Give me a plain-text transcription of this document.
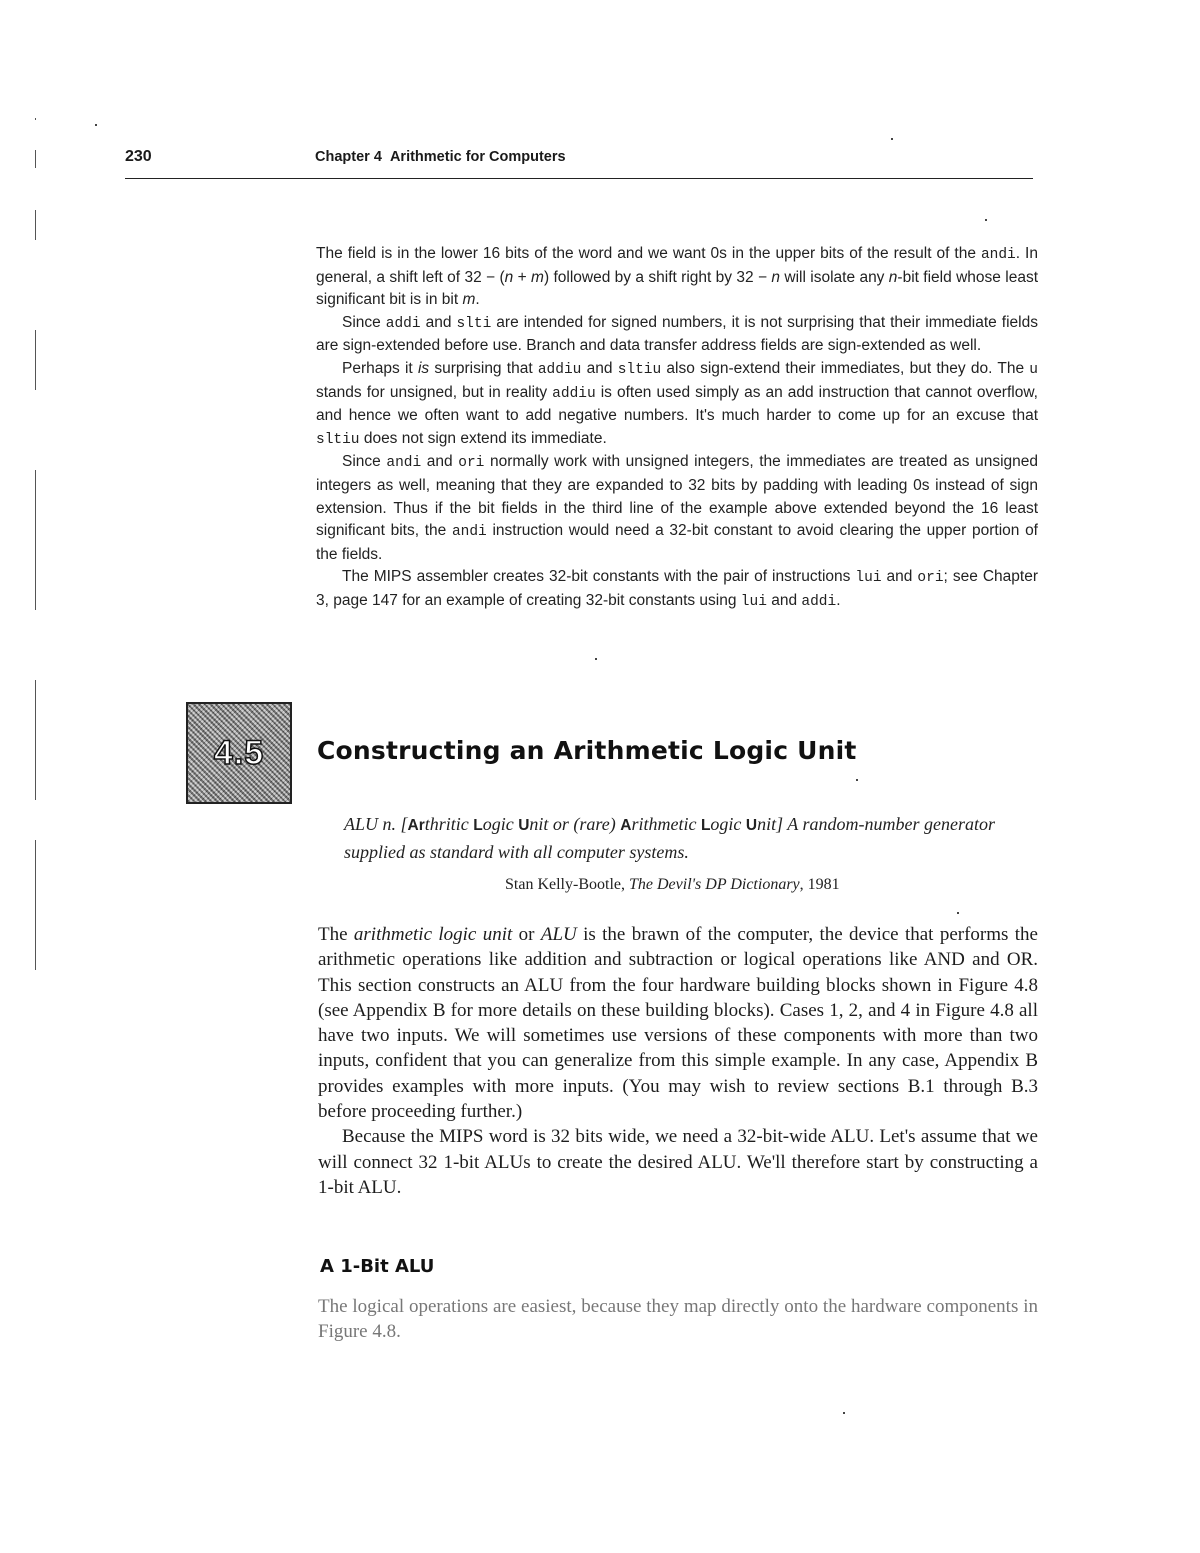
230	Chapter 4 Arithmetic for Computers

The field is in the lower 16 bits of the word and we want 0s in the upper bits of the result of the andi. In general, a shift left of 32 − (n + m) followed by a shift right by 32 − n will isolate any n-bit field whose least significant bit is in bit m.

Since addi and slti are intended for signed numbers, it is not surprising that their immediate fields are sign-extended before use. Branch and data transfer address fields are sign-extended as well.

Perhaps it is surprising that addiu and sltiu also sign-extend their immediates, but they do. The u stands for unsigned, but in reality addiu is often used simply as an add instruction that cannot overflow, and hence we often want to add negative numbers. It's much harder to come up for an excuse that sltiu does not sign extend its immediate.

Since andi and ori normally work with unsigned integers, the immediates are treated as unsigned integers as well, meaning that they are expanded to 32 bits by padding with leading 0s instead of sign extension. Thus if the bit fields in the third line of the example above extended beyond the 16 least significant bits, the andi instruction would need a 32-bit constant to avoid clearing the upper portion of the fields.

The MIPS assembler creates 32-bit constants with the pair of instructions lui and ori; see Chapter 3, page 147 for an example of creating 32-bit constants using lui and addi.

4.5 Constructing an Arithmetic Logic Unit

ALU n. [Arthritic Logic Unit or (rare) Arithmetic Logic Unit] A random-number generator supplied as standard with all computer systems.

Stan Kelly-Bootle, The Devil's DP Dictionary, 1981

The arithmetic logic unit or ALU is the brawn of the computer, the device that performs the arithmetic operations like addition and subtraction or logical operations like AND and OR. This section constructs an ALU from the four hardware building blocks shown in Figure 4.8 (see Appendix B for more details on these building blocks). Cases 1, 2, and 4 in Figure 4.8 all have two inputs. We will sometimes use versions of these components with more than two inputs, confident that you can generalize from this simple example. In any case, Appendix B provides examples with more inputs. (You may wish to review sections B.1 through B.3 before proceeding further.)

Because the MIPS word is 32 bits wide, we need a 32-bit-wide ALU. Let's assume that we will connect 32 1-bit ALUs to create the desired ALU. We'll therefore start by constructing a 1-bit ALU.

A 1-Bit ALU

The logical operations are easiest, because they map directly onto the hardware components in Figure 4.8.
